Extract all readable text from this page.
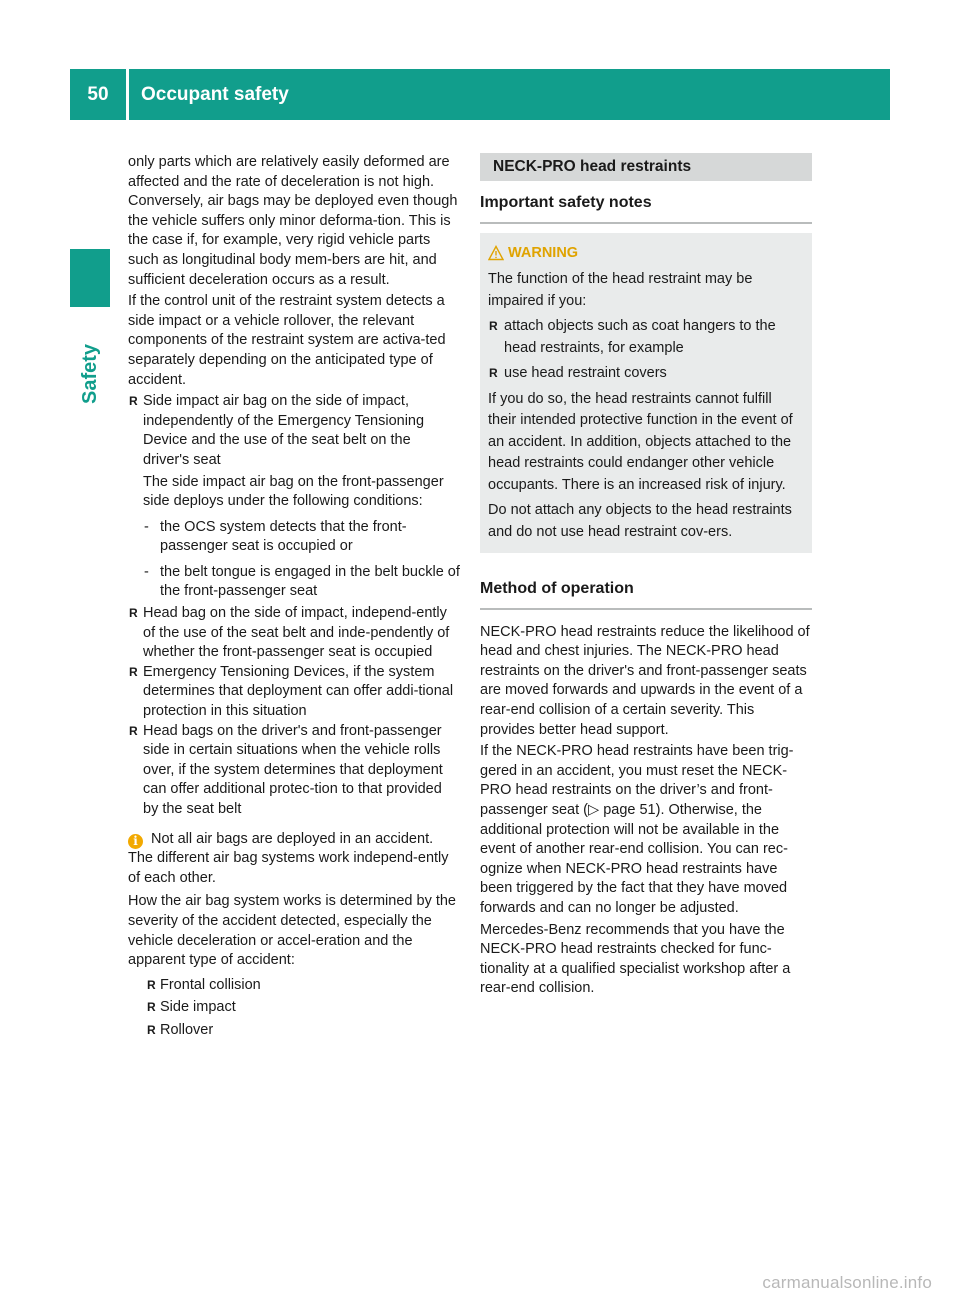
50	Occupant safety
Safety

only parts which are relatively easily deformed are affected and the rate of deceleration is not high. Conversely, air bags may be deployed even though the vehicle suffers only minor deforma-tion. This is the case if, for example, very rigid vehicle parts such as longitudinal body mem-bers are hit, and sufficient deceleration occurs as a result.

If the control unit of the restraint system detects a side impact or a vehicle rollover, the relevant components of the restraint system are activa-ted separately depending on the anticipated type of accident.

R Side impact air bag on the side of impact, independently of the Emergency Tensioning Device and the use of the seat belt on the driver's seat
The side impact air bag on the front-passenger side deploys under the following conditions:
- the OCS system detects that the front-passenger seat is occupied or
- the belt tongue is engaged in the belt buckle of the front-passenger seat
R Head bag on the side of impact, independ-ently of the use of the seat belt and inde-pendently of whether the front-passenger seat is occupied
R Emergency Tensioning Devices, if the system determines that deployment can offer addi-tional protection in this situation
R Head bags on the driver's and front-passenger side in certain situations when the vehicle rolls over, if the system determines that deployment can offer additional protec-tion to that provided by the seat belt
i Not all air bags are deployed in an accident. The different air bag systems work independ-ently of each other.
How the air bag system works is determined by the severity of the accident detected, especially the vehicle deceleration or accel-eration and the apparent type of accident:
R Frontal collision
R Side impact
R Rollover
NECK-PRO head restraints
Important safety notes
WARNING
The function of the head restraint may be impaired if you:
R attach objects such as coat hangers to the head restraints, for example
R use head restraint covers
If you do so, the head restraints cannot fulfill their intended protective function in the event of an accident. In addition, objects attached to the head restraints could endanger other vehicle occupants. There is an increased risk of injury.
Do not attach any objects to the head restraints and do not use head restraint cov-ers.
Method of operation
NECK-PRO head restraints reduce the likelihood of head and chest injuries. The NECK-PRO head restraints on the driver's and front-passenger seats are moved forwards and upwards in the event of a rear-end collision of a certain severity. This provides better head support.
If the NECK-PRO head restraints have been trig-gered in an accident, you must reset the NECK-PRO head restraints on the driver’s and front-passenger seat (▷ page 51). Otherwise, the additional protection will not be available in the event of another rear-end collision. You can rec-ognize when NECK-PRO head restraints have been triggered by the fact that they have moved forwards and can no longer be adjusted.
Mercedes-Benz recommends that you have the NECK-PRO head restraints checked for func-tionality at a qualified specialist workshop after a rear-end collision.
carmanualsonline.info
